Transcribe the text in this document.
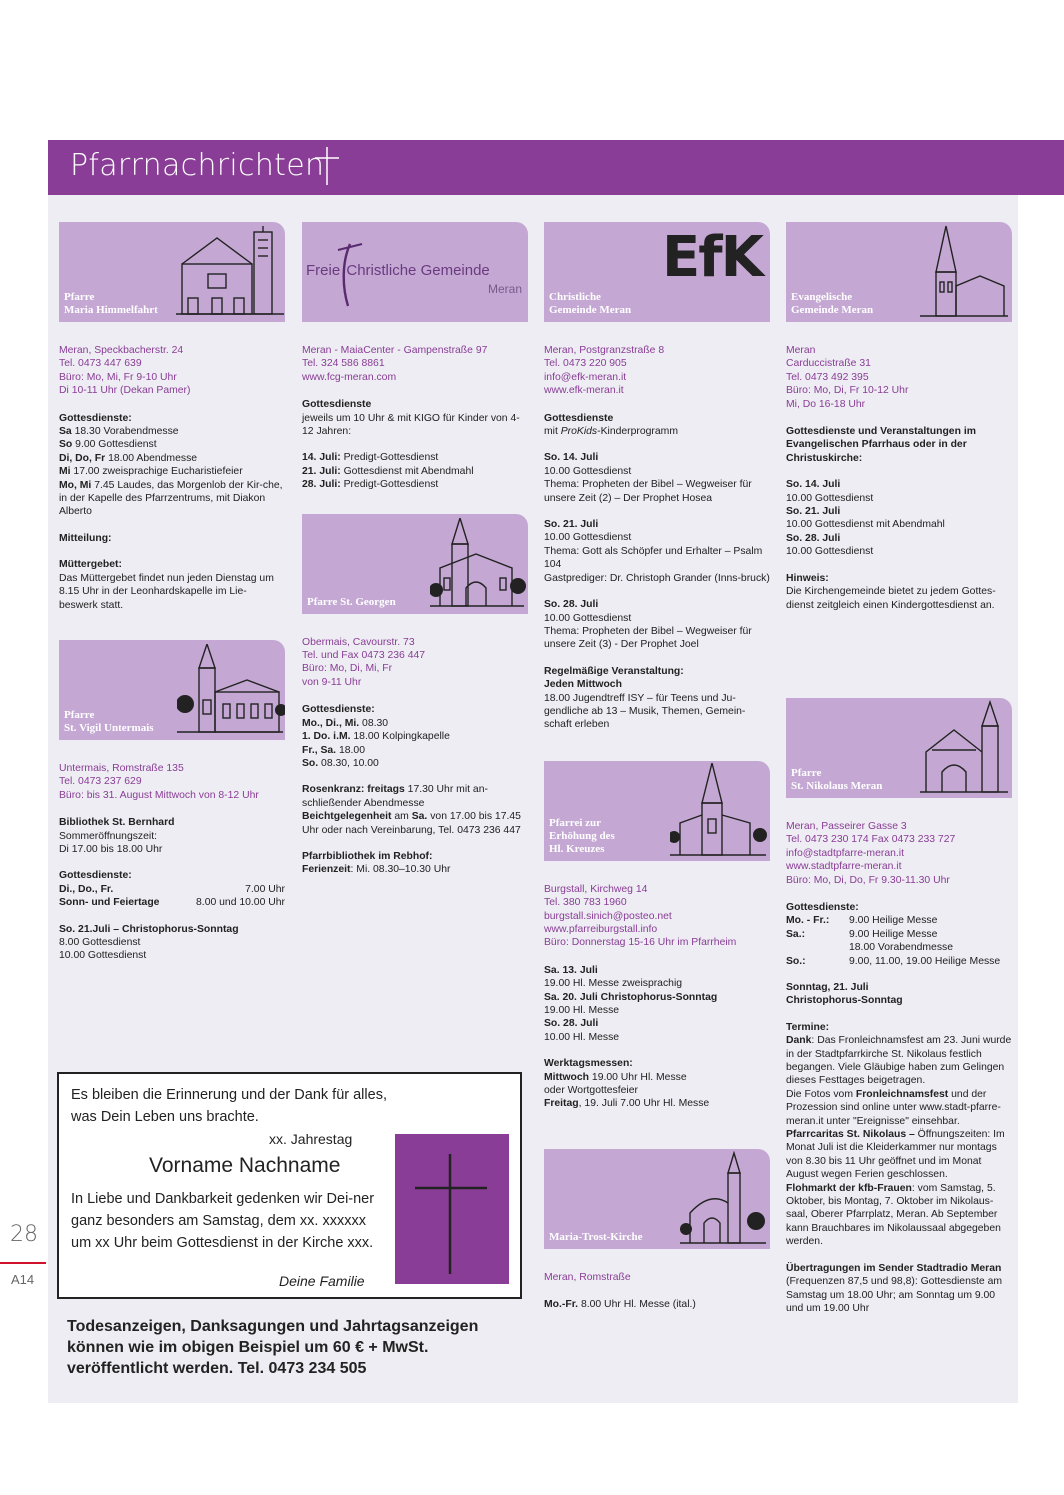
Pfarrnachrichten
Pfarre
Maria Himmelfahrt
Meran, Speckbacherstr. 24
Tel. 0473 447 639
Büro: Mo, Mi, Fr 9-10 Uhr
Di 10-11 Uhr (Dekan Pamer)
Gottesdienste:
Sa 18.30 Vorabendmesse
So 9.00 Gottesdienst
Di, Do, Fr 18.00 Abendmesse
Mi 17.00 zweisprachige Eucharistiefeier
Mo, Mi 7.45 Laudes, das Morgenlob der Kir-che, in der Kapelle des Pfarrzentrums, mit Diakon Alberto
Mitteilung:
Müttergebet:
Das Müttergebet findet nun jeden Dienstag um 8.15 Uhr in der Leonhardskapelle im Lie-beswerk statt.
Pfarre
St. Vigil Untermais
Untermais, Romstraße 135
Tel. 0473 237 629
Büro: bis 31. August Mittwoch von 8-12 Uhr
Bibliothek St. Bernhard
Sommeröffnungszeit:
Di 17.00 bis 18.00 Uhr
Gottesdienste:
Di., Do., Fr.	7.00 Uhr
Sonn- und Feiertage	8.00 und 10.00 Uhr
So. 21.Juli – Christophorus-Sonntag
8.00 Gottesdienst
10.00 Gottesdienst
Freie Christliche Gemeinde
Meran
Meran - MaiaCenter - Gampenstraße 97
Tel. 324 586 8861
www.fcg-meran.com
Gottesdienste
jeweils um 10 Uhr & mit KIGO für Kinder von 4-12 Jahren:
14. Juli: Predigt-Gottesdienst
21. Juli: Gottesdienst mit Abendmahl
28. Juli: Predigt-Gottesdienst
Pfarre St. Georgen
Obermais, Cavourstr. 73
Tel. und Fax 0473 236 447
Büro: Mo, Di, Mi, Fr
von 9-11 Uhr
Gottesdienste:
Mo., Di., Mi. 08.30
1. Do. i.M. 18.00 Kolpingkapelle
Fr., Sa. 18.00
So. 08.30, 10.00
Rosenkranz: freitags 17.30 Uhr mit an-schließender Abendmesse
Beichtgelegenheit am Sa. von 17.00 bis 17.45 Uhr oder nach Vereinbarung, Tel. 0473 236 447
Pfarrbibliothek im Rebhof:
Ferienzeit: Mi. 08.30–10.30 Uhr
EfK
Christliche
Gemeinde Meran
Meran, Postgranzstraße 8
Tel. 0473 220 905
info@efk-meran.it
www.efk-meran.it
Gottesdienste
mit ProKids-Kinderprogramm
So. 14. Juli
10.00 Gottesdienst
Thema: Propheten der Bibel – Wegweiser für unsere Zeit (2) – Der Prophet Hosea
So. 21. Juli
10.00 Gottesdienst
Thema: Gott als Schöpfer und Erhalter – Psalm 104
Gastprediger: Dr. Christoph Grander (Inns-bruck)
So. 28. Juli
10.00 Gottesdienst
Thema: Propheten der Bibel – Wegweiser für unsere Zeit (3) - Der Prophet Joel
Regelmäßige Veranstaltung:
Jeden Mittwoch
18.00 Jugendtreff ISY – für Teens und Ju-gendliche ab 13 – Musik, Themen, Gemein-schaft erleben
Pfarrei zur
Erhöhung des
Hl. Kreuzes
Burgstall, Kirchweg 14
Tel. 380 783 1960
burgstall.sinich@posteo.net
www.pfarreiburgstall.info
Büro: Donnerstag 15-16 Uhr im Pfarrheim
Sa. 13. Juli
19.00 Hl. Messe zweisprachig
Sa. 20. Juli Christophorus-Sonntag
19.00 Hl. Messe
So. 28. Juli
10.00 Hl. Messe
Werktagsmessen:
Mittwoch 19.00 Uhr Hl. Messe
oder Wortgottesfeier
Freitag, 19. Juli 7.00 Uhr Hl. Messe
Maria-Trost-Kirche
Meran, Romstraße
Mo.-Fr. 8.00 Uhr Hl. Messe (ital.)
Evangelische
Gemeinde Meran
Meran
Carduccistraße 31
Tel. 0473 492 395
Büro: Mo, Di, Fr 10-12 Uhr
Mi, Do 16-18 Uhr
Gottesdienste und Veranstaltungen im Evangelischen Pfarrhaus oder in der Christuskirche:
So. 14. Juli
10.00 Gottesdienst
So. 21. Juli
10.00 Gottesdienst mit Abendmahl
So. 28. Juli
10.00 Gottesdienst
Hinweis:
Die Kirchengemeinde bietet zu jedem Gottes-dienst zeitgleich einen Kindergottesdienst an.
Pfarre
St. Nikolaus Meran
Meran, Passeirer Gasse 3
Tel. 0473 230 174 Fax 0473 233 727
info@stadtpfarre-meran.it
www.stadtpfarre-meran.it
Büro: Mo, Di, Do, Fr 9.30-11.30 Uhr
Gottesdienste:
Mo. - Fr.:	9.00 Heilige Messe
Sa.:	9.00 Heilige Messe
18.00 Vorabendmesse
So.:	9.00, 11.00, 19.00 Heilige Messe
Sonntag, 21. Juli
Christophorus-Sonntag
Termine:
Dank: Das Fronleichnamsfest am 23. Juni wurde in der Stadtpfarrkirche St. Nikolaus festlich begangen. Viele Gläubige haben zum Gelingen dieses Festtages beigetragen.
Die Fotos vom Fronleichnamsfest und der Prozession sind online unter www.stadt-pfarre-meran.it unter "Ereignisse" einsehbar.
Pfarrcaritas St. Nikolaus – Öffnungszeiten: Im Monat Juli ist die Kleiderkammer nur montags von 8.30 bis 11 Uhr geöffnet und im Monat August wegen Ferien geschlossen.
Flohmarkt der kfb-Frauen: vom Samstag, 5. Oktober, bis Montag, 7. Oktober im Nikolaus-saal, Oberer Pfarrplatz, Meran. Ab September kann Brauchbares im Nikolaussaal abgegeben werden.
Übertragungen im Sender Stadtradio Meran (Frequenzen 87,5 und 98,8): Gottesdienste am Samstag um 18.00 Uhr; am Sonntag um 9.00 und um 19.00 Uhr
Es bleiben die Erinnerung und der Dank für alles,
was Dein Leben uns brachte.
xx. Jahrestag
Vorname Nachname
In Liebe und Dankbarkeit gedenken wir Dei-ner ganz besonders am Samstag, dem xx. xxxxxx um xx Uhr beim Gottesdienst in der Kirche xxx.
Deine Familie
Todesanzeigen, Danksagungen und Jahrtagsanzeigen können wie im obigen Beispiel um 60 € + MwSt. veröffentlicht werden. Tel. 0473 234 505
28
A14
